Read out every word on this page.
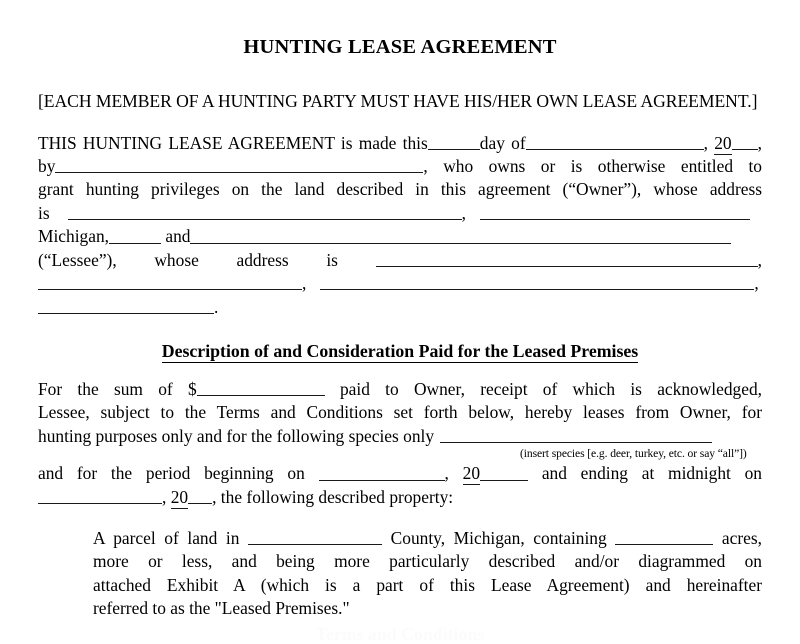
HUNTING LEASE AGREEMENT

[EACH MEMBER OF A HUNTING PARTY MUST HAVE HIS/HER OWN LEASE AGREEMENT.]

THIS HUNTING LEASE AGREEMENT is made this	day of	, 20 ,
by	, who owns or is otherwise entitled to
grant hunting privileges on the land described in this agreement (“Owner”), whose address
is	,
Michigan,	and
(“Lessee”), whose address is	,
,	,
.

Description of and Consideration Paid for the Leased Premises

For the sum of $	paid to Owner, receipt of which is acknowledged,
Lessee, subject to the Terms and Conditions set forth below, hereby leases from Owner, for
hunting purposes only and for the following species only
(insert species [e.g. deer, turkey, etc. or say “all”])
and for the period beginning on	, 20	and ending at midnight on
, 20 , the following described property:
A parcel of land in	County, Michigan, containing	acres,
more or less, and being more particularly described and/or diagrammed on
attached Exhibit A (which is a part of this Lease Agreement) and hereinafter
referred to as the "Leased Premises."
Terms and Conditions
